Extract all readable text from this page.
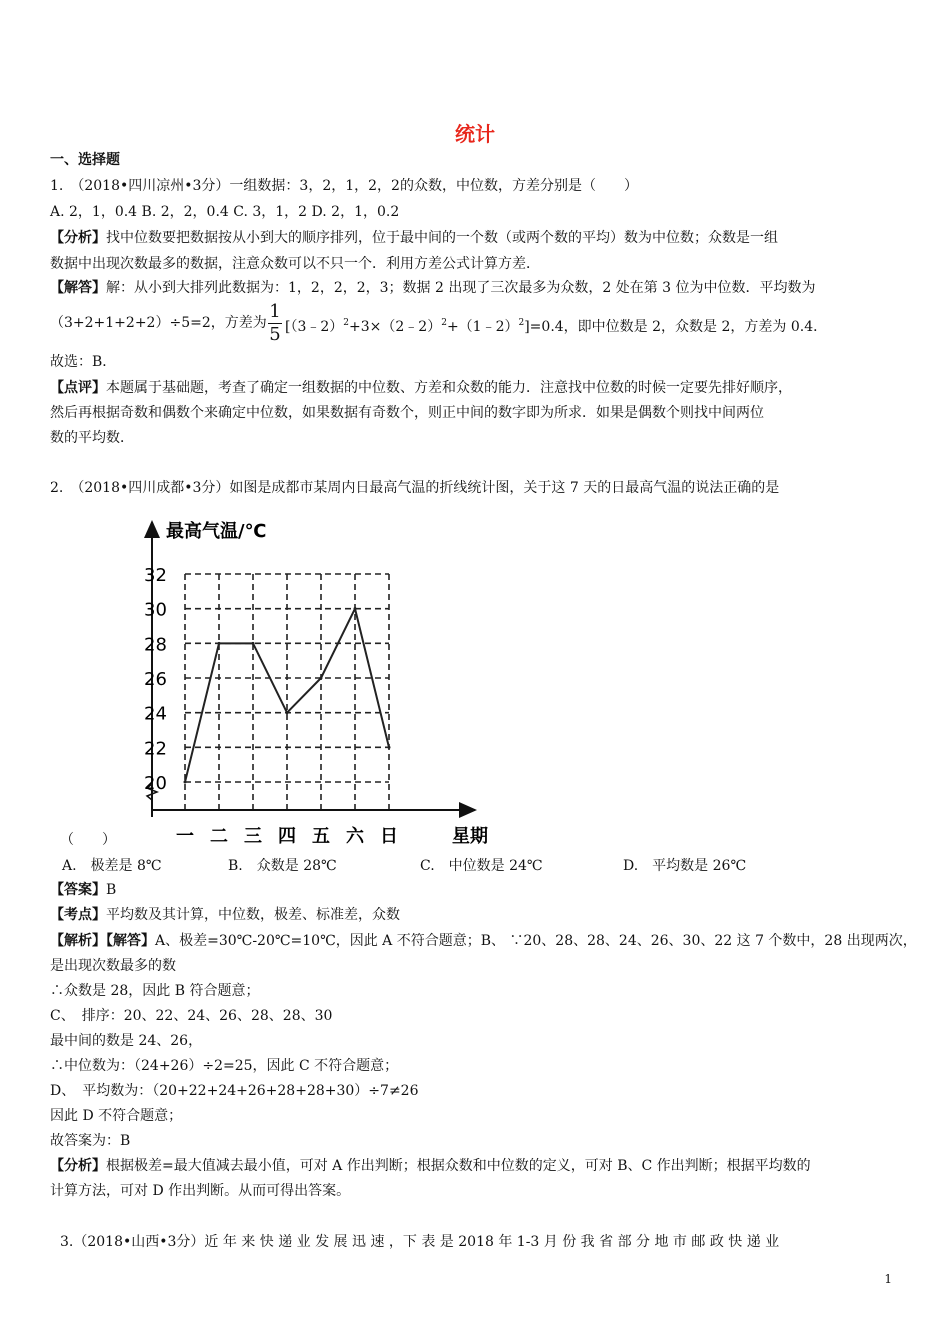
统计
一、选择题
1.　（2018•四川凉州•3分）一组数据：3，2，1，2，2的众数，中位数，方差分别是（　　）
A. 2，1，0.4 B. 2，2，0.4 C. 3，1，2 D. 2，1，0.2
【分析】找中位数要把数据按从小到大的顺序排列，位于最中间的一个数（或两个数的平均）数为中位数；众数是一组
数据中出现次数最多的数据，注意众数可以不只一个．利用方差公式计算方差．
【解答】解：从小到大排列此数据为：1，2，2，2，3；数据 2 出现了三次最多为众数，2 处在第 3 位为中位数．平均数为
（3+2+1+2+2）÷5=2，方差为
1
5 [（3﹣2）$^2$+3×（2﹣2）$^2$+（1﹣2）$^2$]=0.4，即中位数是 2，众数是 2，方差为 0.4．
故选：B．
【点评】本题属于基础题，考查了确定一组数据的中位数、方差和众数的能力．注意找中位数的时候一定要先排好顺序，
然后再根据奇数和偶数个来确定中位数，如果数据有奇数个，则正中间的数字即为所求．如果是偶数个则找中间两位
数的平均数．
2.　（2018•四川成都•3分）如图是成都市某周内日最高气温的折线统计图，关于这 7 天的日最高气温的说法正确的是
最高气温/℃
星期
20
22
24
26
28
30
32
一 二 三 四 五 六 日
（　　）
A.　极差是 8℃	B.　众数是 28℃	C.　中位数是 24℃	D.　平均数是 26℃
【答案】B
【考点】平均数及其计算，中位数，极差、标准差，众数
【解析】【解答】A、极差=30℃-20℃=10℃，因此 A 不符合题意；B、 ∵20、28、28、24、26、30、22 这 7 个数中，28 出现两次，
是出现次数最多的数
∴众数是 28，因此 B 符合题意；
C、　排序：20、22、24、26、28、28、30
最中间的数是 24、26，
∴中位数为：（24+26）÷2=25，因此 C 不符合题意；
D、　平均数为：（20+22+24+26+28+28+30）÷7≠26
因此 D 不符合题意；
故答案为：B
【分析】根据极差=最大值减去最小值，可对 A 作出判断；根据众数和中位数的定义，可对 B、C 作出判断；根据平均数的
计算方法，可对 D 作出判断。从而可得出答案。
3.（2018•山西•3分）近 年 来 快 递 业 发 展 迅 速 ，下 表 是 2018 年 1-3 月 份 我 省 部 分 地 市 邮 政 快 递 业
1
